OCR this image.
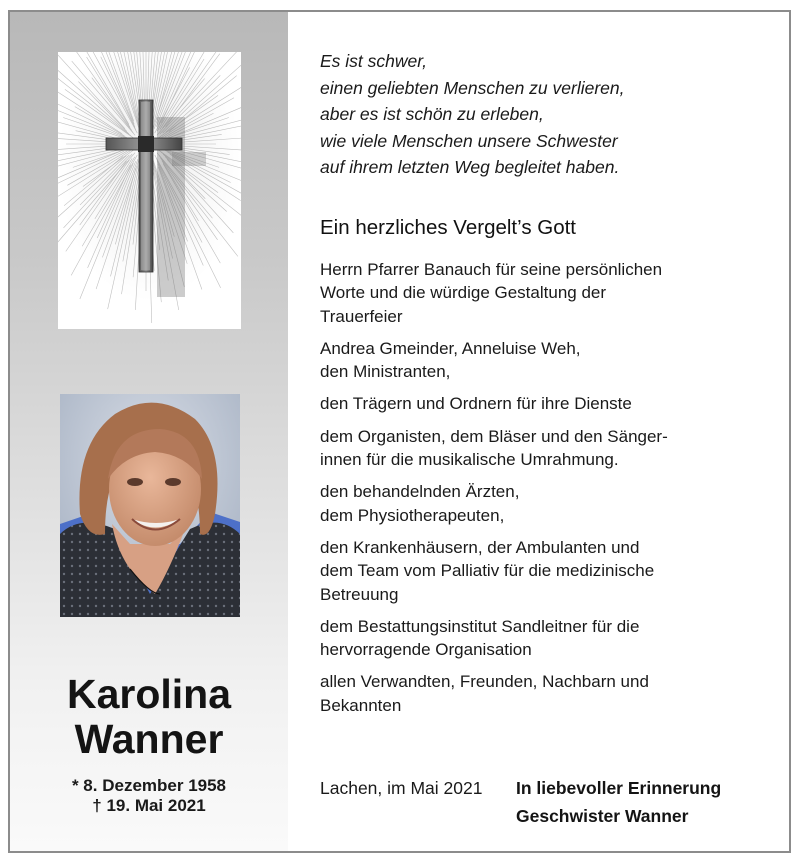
Karolina
Wanner
* 8. Dezember 1958
† 19. Mai 2021
Es ist schwer,
einen geliebten Menschen zu verlieren,
aber es ist schön zu erleben,
wie viele Menschen unsere Schwester
auf ihrem letzten Weg begleitet haben.
Ein herzliches Vergelt’s Gott
Herrn Pfarrer Banauch für seine persönlichen
Worte und die würdige Gestaltung der
Trauerfeier
Andrea Gmeinder, Anneluise Weh,
den Ministranten,
den Trägern und Ordnern für ihre Dienste
dem Organisten, dem Bläser und den Sänger-
innen für die musikalische Umrahmung.
den behandelnden Ärzten,
dem Physiotherapeuten,
den Krankenhäusern, der Ambulanten und
dem Team vom Palliativ für die medizinische
Betreuung
dem Bestattungsinstitut Sandleitner für die
hervorragende Organisation
allen Verwandten, Freunden, Nachbarn und
Bekannten
Lachen, im Mai 2021 In liebevoller Erinnerung
Geschwister Wanner
